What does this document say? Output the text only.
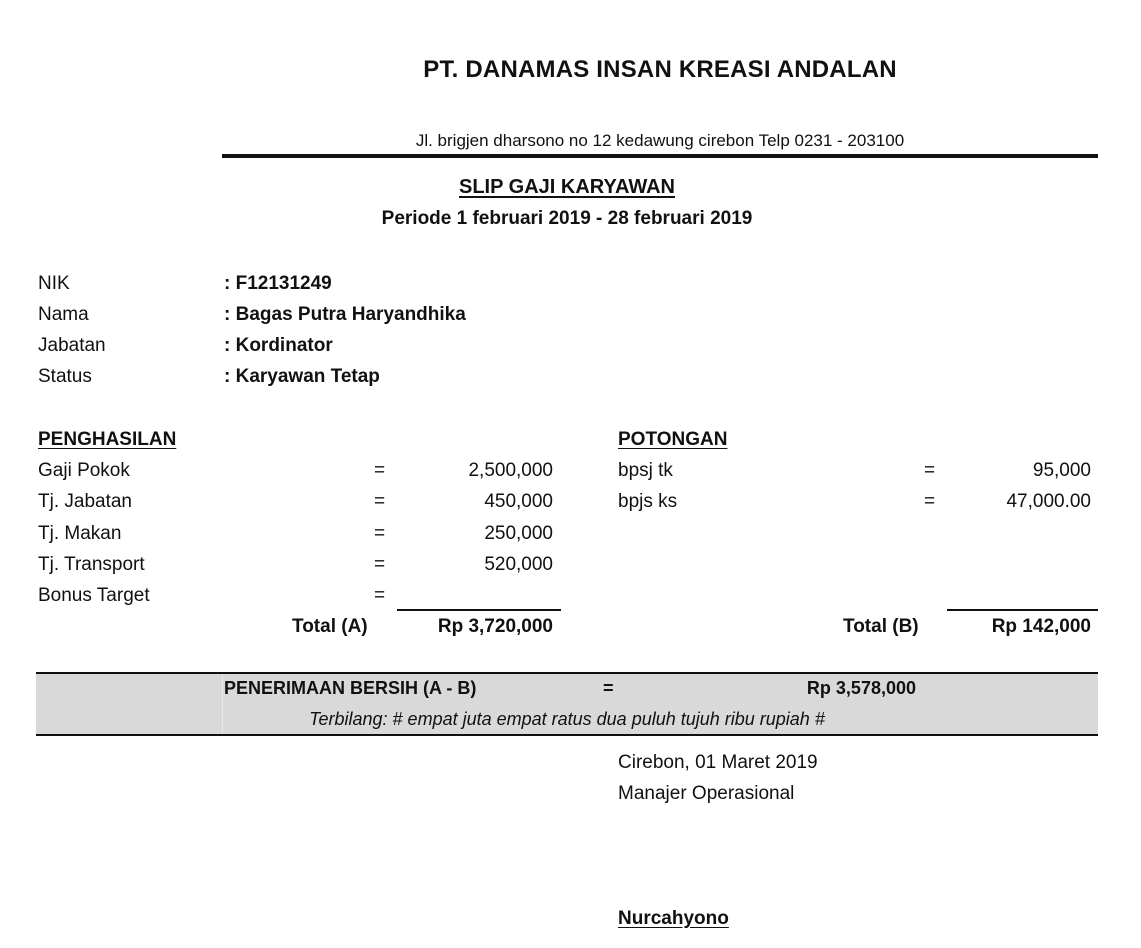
PT. DANAMAS INSAN KREASI ANDALAN
Jl. brigjen dharsono no 12 kedawung cirebon Telp 0231 - 203100
SLIP GAJI KARYAWAN
Periode 1 februari 2019 - 28 februari 2019
NIK	: F12131249
Nama	: Bagas Putra Haryandhika
Jabatan	: Kordinator
Status	: Karyawan Tetap
PENGHASILAN
Gaji Pokok	=	2,500,000
Tj. Jabatan	=	450,000
Tj. Makan	=	250,000
Tj. Transport	=	520,000
Bonus Target	=
Total (A)	Rp 3,720,000
POTONGAN
bpsj tk	=	95,000
bpjs ks	=	47,000.00
Total (B)	Rp 142,000
PENERIMAAN BERSIH (A - B)	=	Rp 3,578,000
Terbilang: # empat juta empat ratus dua puluh tujuh ribu rupiah #
Cirebon, 01 Maret 2019
Manajer Operasional
Nurcahyono
